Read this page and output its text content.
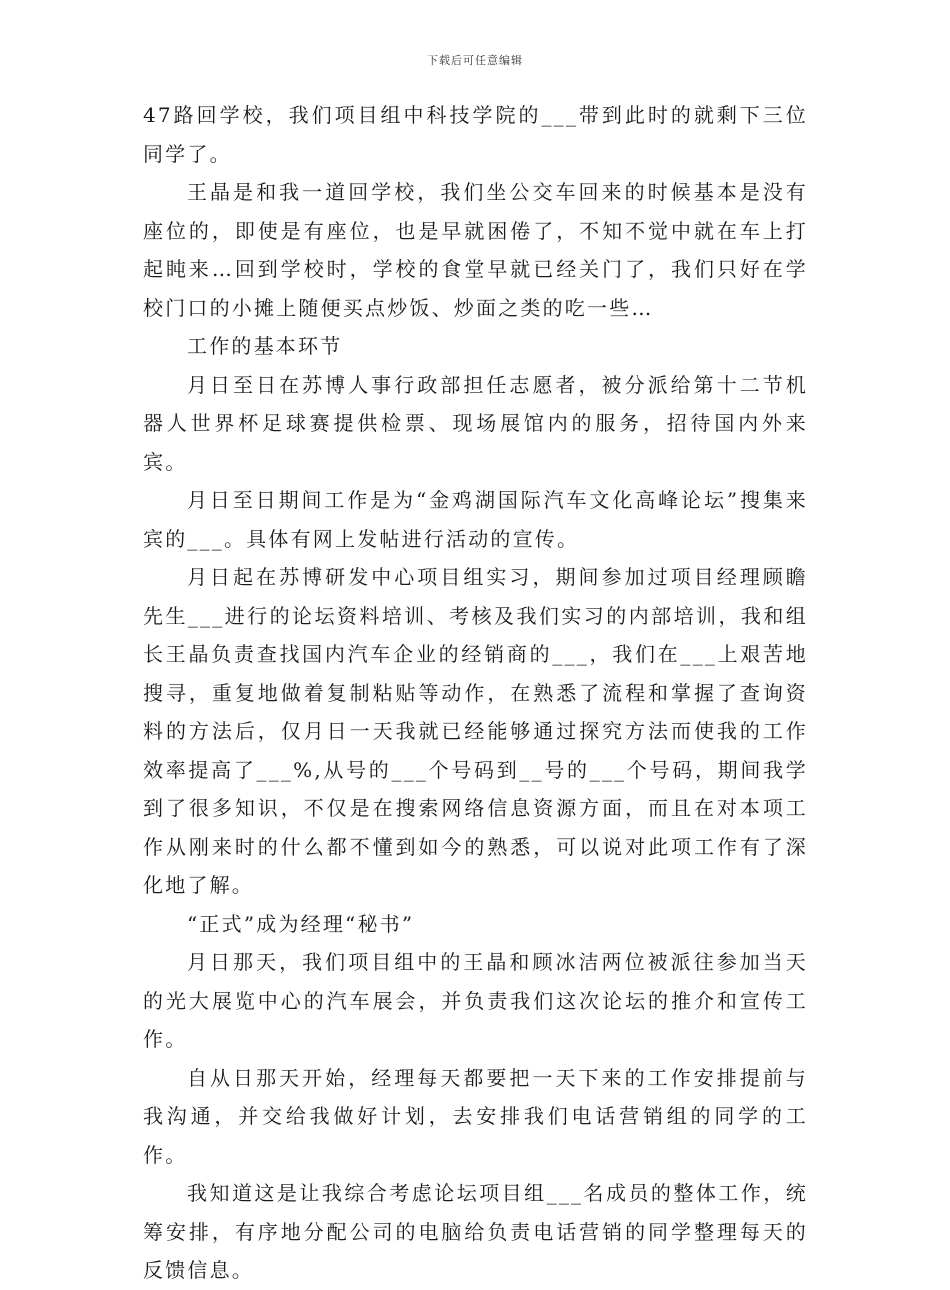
下载后可任意编辑

47路回学校，我们项目组中科技学院的___带到此时的就剩下三位同学了。

王晶是和我一道回学校，我们坐公交车回来的时候基本是没有座位的，即使是有座位，也是早就困倦了，不知不觉中就在车上打起盹来…回到学校时，学校的食堂早就已经关门了，我们只好在学校门口的小摊上随便买点炒饭、炒面之类的吃一些…

工作的基本环节

月日至日在苏博人事行政部担任志愿者，被分派给第十二节机器人世界杯足球赛提供检票、现场展馆内的服务，招待国内外来宾。

月日至日期间工作是为“金鸡湖国际汽车文化高峰论坛”搜集来宾的___。具体有网上发帖进行活动的宣传。

月日起在苏博研发中心项目组实习，期间参加过项目经理顾瞻先生___进行的论坛资料培训、考核及我们实习的内部培训，我和组长王晶负责查找国内汽车企业的经销商的___，我们在___上艰苦地搜寻，重复地做着复制粘贴等动作，在熟悉了流程和掌握了查询资料的方法后，仅月日一天我就已经能够通过探究方法而使我的工作效率提高了___%,从号的___个号码到__号的___个号码，期间我学到了很多知识，不仅是在搜索网络信息资源方面，而且在对本项工作从刚来时的什么都不懂到如今的熟悉，可以说对此项工作有了深化地了解。

“正式”成为经理“秘书”

月日那天，我们项目组中的王晶和顾冰洁两位被派往参加当天的光大展览中心的汽车展会，并负责我们这次论坛的推介和宣传工作。

自从日那天开始，经理每天都要把一天下来的工作安排提前与我沟通，并交给我做好计划，去安排我们电话营销组的同学的工作。

我知道这是让我综合考虑论坛项目组___名成员的整体工作，统筹安排，有序地分配公司的电脑给负责电话营销的同学整理每天的反馈信息。
